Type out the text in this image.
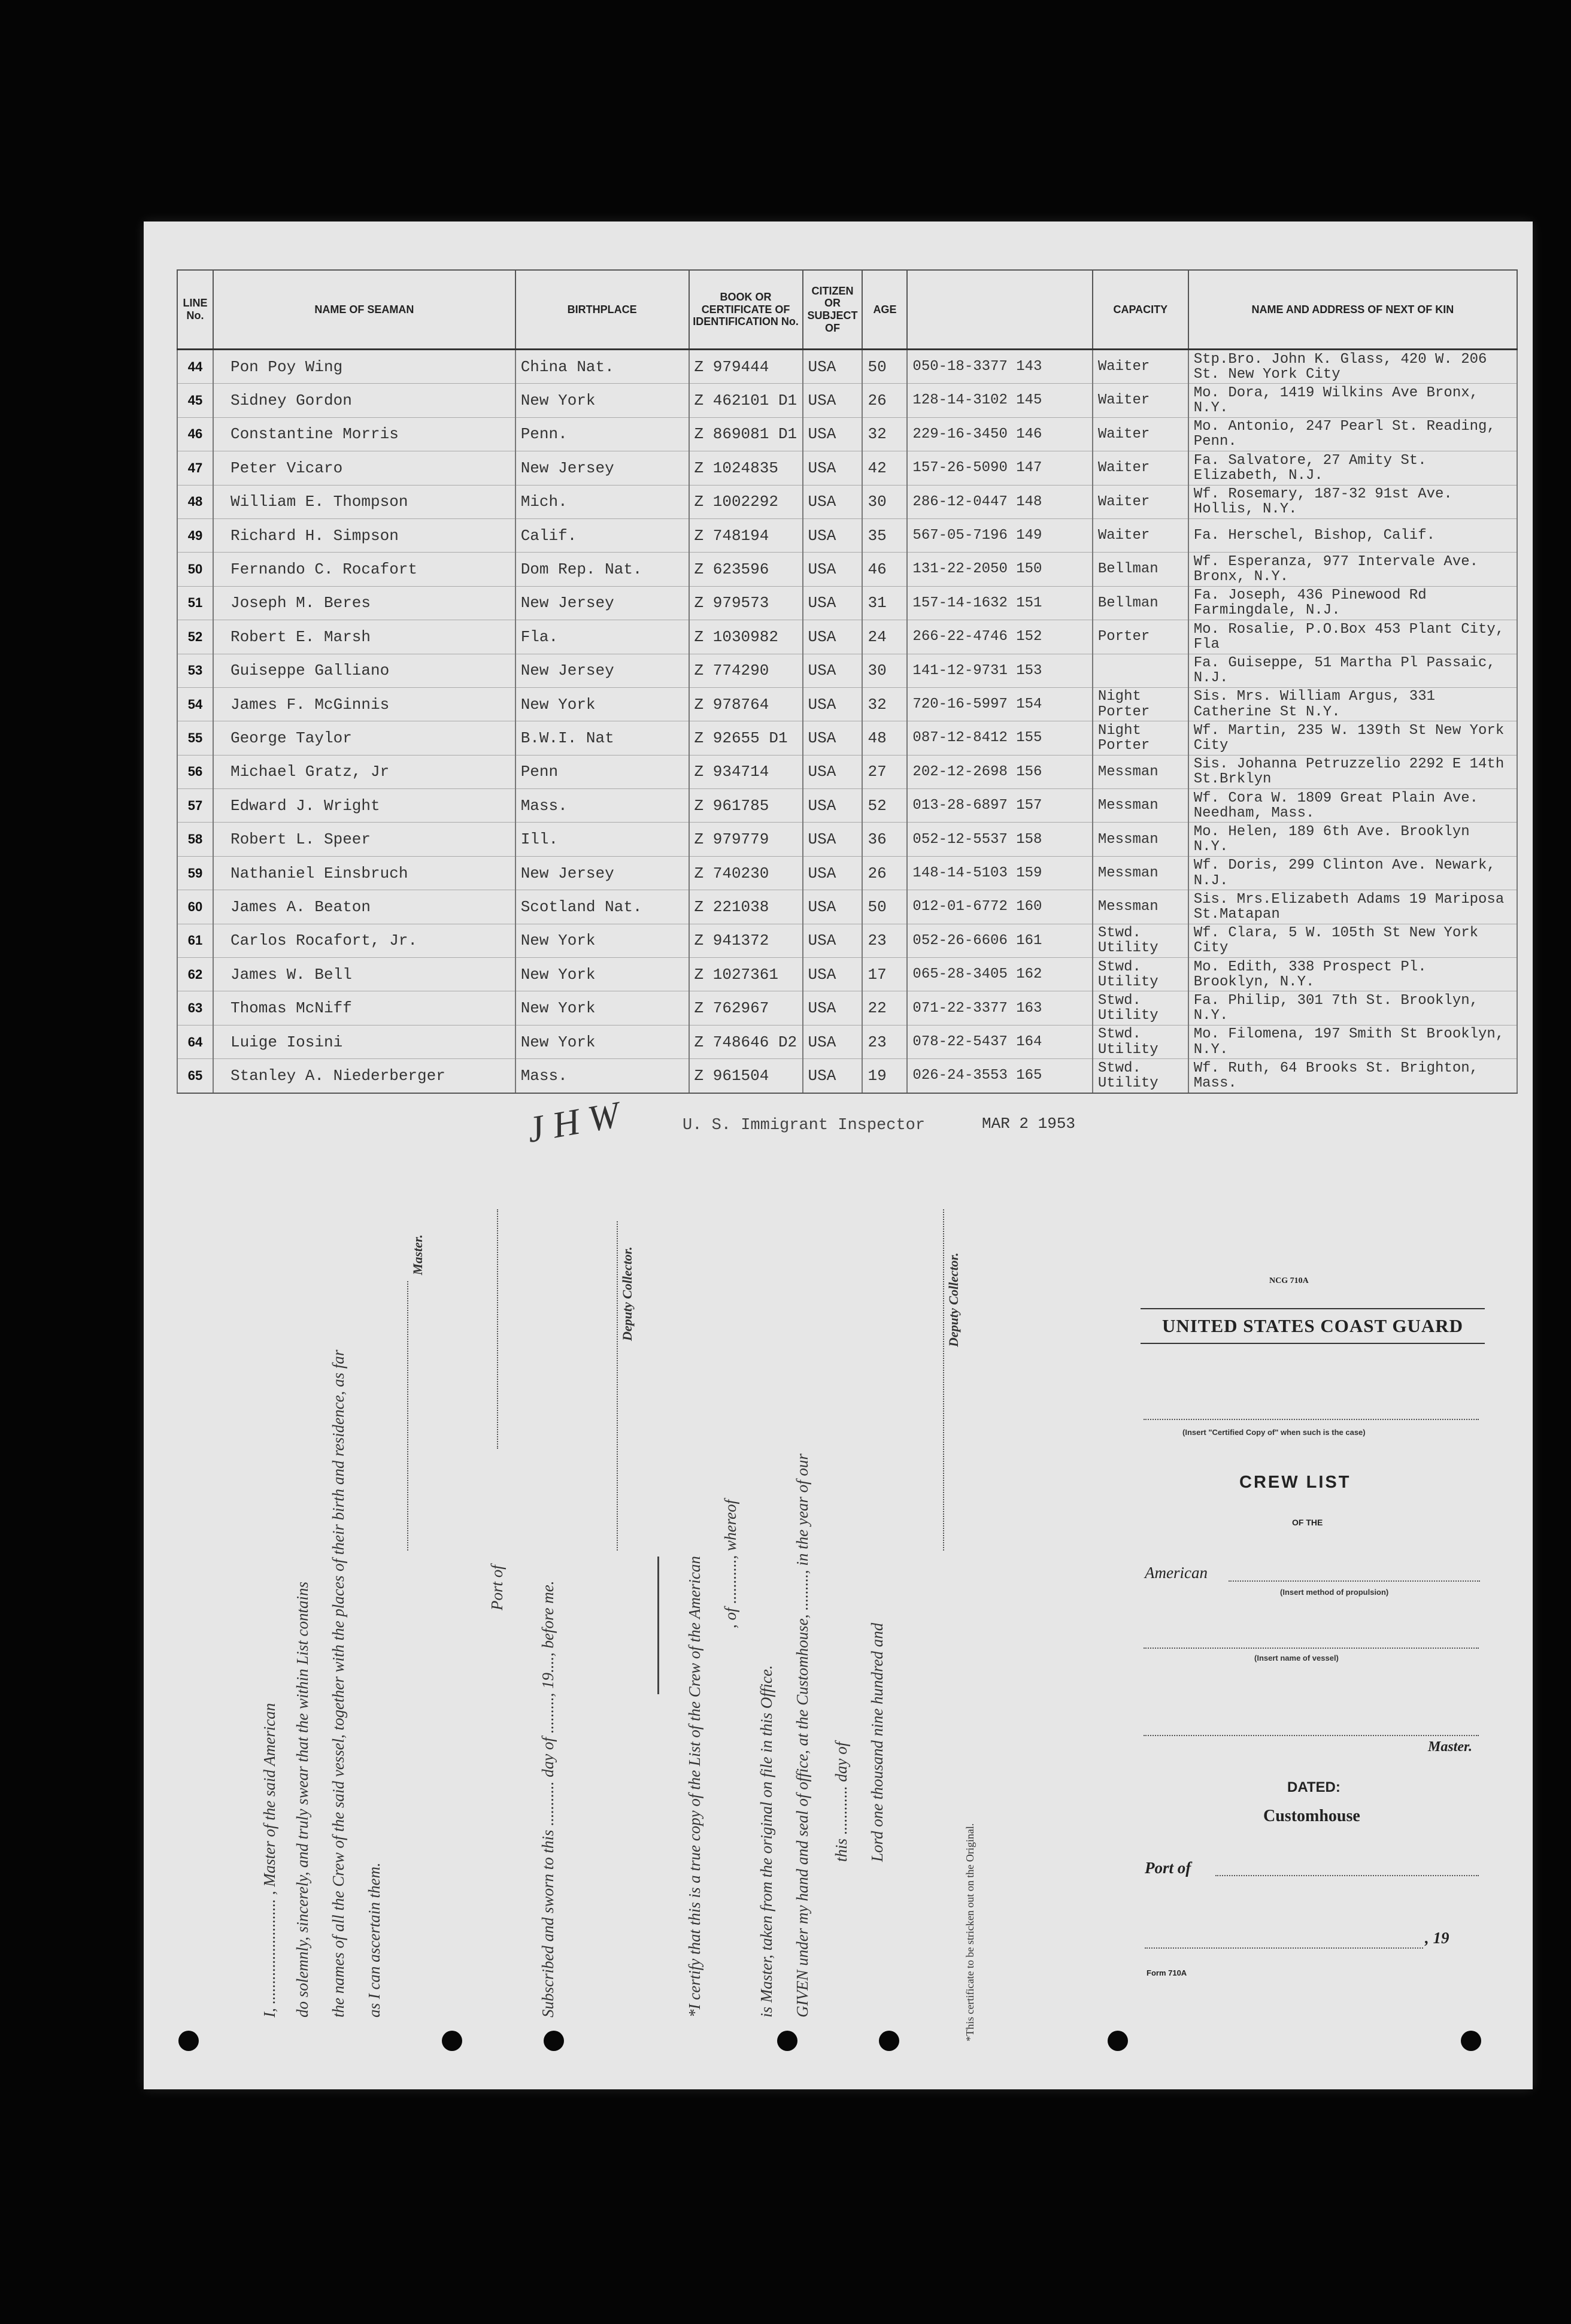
LINE No.	NAME OF SEAMAN	BIRTHPLACE	BOOK OR CERTIFICATE OF IDENTIFICATION No.	CITIZEN OR SUBJECT OF	AGE		CAPACITY	NAME AND ADDRESS OF NEXT OF KIN
44	Pon Poy Wing	China Nat.	Z 979444	USA	50	050-18-3377 143	Waiter	Stp.Bro. John K. Glass, 420 W. 206 St. New York City
45	Sidney Gordon	New York	Z 462101 D1	USA	26	128-14-3102 145	Waiter	Mo. Dora, 1419 Wilkins Ave Bronx, N.Y.
46	Constantine Morris	Penn.	Z 869081 D1	USA	32	229-16-3450 146	Waiter	Mo. Antonio, 247 Pearl St. Reading, Penn.
47	Peter Vicaro	New Jersey	Z 1024835	USA	42	157-26-5090 147	Waiter	Fa. Salvatore, 27 Amity St. Elizabeth, N.J.
48	William E. Thompson	Mich.	Z 1002292	USA	30	286-12-0447 148	Waiter	Wf. Rosemary, 187-32 91st Ave. Hollis, N.Y.
49	Richard H. Simpson	Calif.	Z 748194	USA	35	567-05-7196 149	Waiter	Fa. Herschel, Bishop, Calif.
50	Fernando C. Rocafort	Dom Rep. Nat.	Z 623596	USA	46	131-22-2050 150	Bellman	Wf. Esperanza, 977 Intervale Ave. Bronx, N.Y.
51	Joseph M. Beres	New Jersey	Z 979573	USA	31	157-14-1632 151	Bellman	Fa. Joseph, 436 Pinewood Rd Farmingdale, N.J.
52	Robert E. Marsh	Fla.	Z 1030982	USA	24	266-22-4746 152	Porter	Mo. Rosalie, P.O.Box 453 Plant City, Fla
53	Guiseppe Galliano	New Jersey	Z 774290	USA	30	141-12-9731 153		Fa. Guiseppe, 51 Martha Pl Passaic, N.J.
54	James F. McGinnis	New York	Z 978764	USA	32	720-16-5997 154	Night Porter	Sis. Mrs. William Argus, 331 Catherine St N.Y.
55	George Taylor	B.W.I. Nat	Z 92655 D1	USA	48	087-12-8412 155	Night Porter	Wf. Martin, 235 W. 139th St New York City
56	Michael Gratz, Jr	Penn	Z 934714	USA	27	202-12-2698 156	Messman	Sis. Johanna Petruzzelio 2292 E 14th St.Brklyn
57	Edward J. Wright	Mass.	Z 961785	USA	52	013-28-6897 157	Messman	Wf. Cora W. 1809 Great Plain Ave. Needham, Mass.
58	Robert L. Speer	Ill.	Z 979779	USA	36	052-12-5537 158	Messman	Mo. Helen, 189 6th Ave. Brooklyn N.Y.
59	Nathaniel Einsbruch	New Jersey	Z 740230	USA	26	148-14-5103 159	Messman	Wf. Doris, 299 Clinton Ave. Newark, N.J.
60	James A. Beaton	Scotland Nat.	Z 221038	USA	50	012-01-6772 160	Messman	Sis. Mrs.Elizabeth Adams 19 Mariposa St.Matapan
61	Carlos Rocafort, Jr.	New York	Z 941372	USA	23	052-26-6606 161	Stwd. Utility	Wf. Clara, 5 W. 105th St New York City
62	James W. Bell	New York	Z 1027361	USA	17	065-28-3405 162	Stwd. Utility	Mo. Edith, 338 Prospect Pl. Brooklyn, N.Y.
63	Thomas McNiff	New York	Z 762967	USA	22	071-22-3377 163	Stwd. Utility	Fa. Philip, 301 7th St. Brooklyn, N.Y.
64	Luige Iosini	New York	Z 748646 D2	USA	23	078-22-5437 164	Stwd. Utility	Mo. Filomena, 197 Smith St Brooklyn, N.Y.
65	Stanley A. Niederberger	Mass.	Z 961504	USA	19	026-24-3553 165	Stwd. Utility	Wf. Ruth, 64 Brooks St. Brighton, Mass.
J H W	U. S. Immigrant Inspector	MAR 2 1953
I, .......................... , Master of the said American do solemnly, sincerely, and truly swear that the within List contains the names of all the Crew of the said vessel, together with the places of their birth and residence, as far as I can ascertain them.
Master.
Subscribed and sworn to this ........... day of ........., 19...., before me.
Port of
Deputy Collector.
*I certify that this is a true copy of the List of the Crew of the American , of ..........., whereof
is Master, taken from the original on file in this Office. GIVEN under my hand and seal of office, at the Customhouse, ........., in the year of our this ............ day of Lord one thousand nine hundred and
Deputy Collector.
*This certificate to be stricken out on the Original.
NCG 710A
UNITED STATES COAST GUARD
(Insert "Certified Copy of" when such is the case)
CREW LIST
OF THE
American
(Insert method of propulsion)
(Insert name of vessel)
Master.
DATED:
Customhouse
Port of
, 19
Form 710A
